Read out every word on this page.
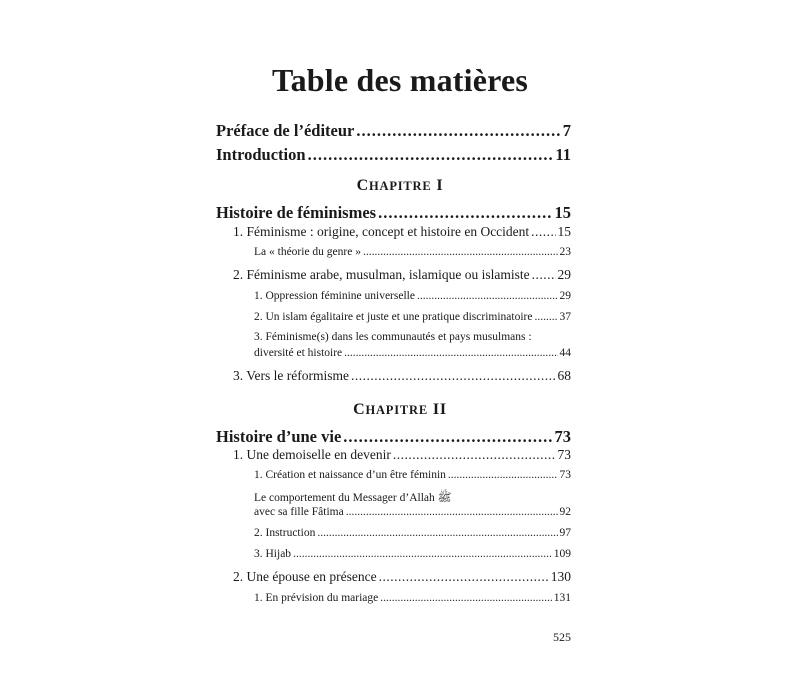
Table des matières
Préface de l’éditeur .....	7
Introduction .....	11
CHAPITRE I
Histoire de féminismes .....	15
1. Féminisme : origine, concept et histoire en Occident ..... 15
La « théorie du genre » .....	23
2. Féminisme arabe, musulman, islamique ou islamiste ..... 29
1. Oppression féminine universelle .....	29
2. Un islam égalitaire et juste et une pratique discriminatoire ..... 37
3. Féminisme(s) dans les communautés et pays musulmans :
diversité et histoire .....	44
3. Vers le réformisme .....	68
CHAPITRE II
Histoire d’une vie .....	73
1. Une demoiselle en devenir .....	73
1. Création et naissance d’un être féminin .....	73
Le comportement du Messager d’Allah ﷺ
avec sa fille Fâtima .....	92
2. Instruction .....	97
3. Hijab .....	109
2. Une épouse en présence .....	130
1. En prévision du mariage .....	131
525
